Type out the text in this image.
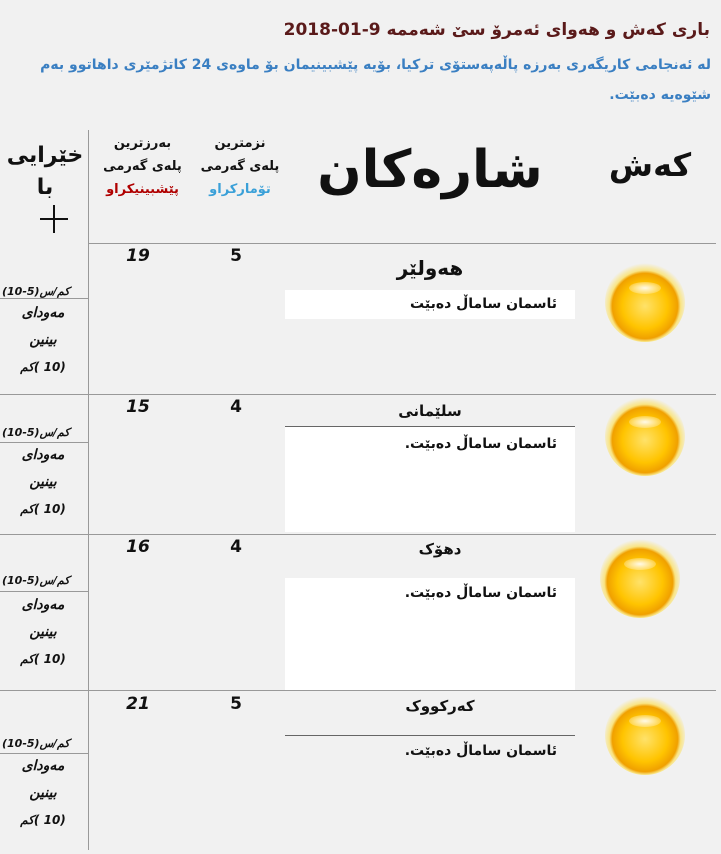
باری کەش و هەوای ئەمرۆ سێ شەممە 9-01-2018
لە ئەنجامی کاریگەری بەرزە پاڵەپەستۆی ترکیا، بۆیە پێشبینیمان بۆ ماوەی 24 کاتژمێری داهاتوو بەم شێوەیە دەبێت.
کەش
شارەکان
نزمترین
پلەی گەرمی
تۆمارکراو
بەرزترین
پلەی گەرمی
پێشبینیکراو
خێرایی
با
هەولێر
ئاسمان ساماڵ دەبێت
5
19
(10-5)کم/س
مەودای
بینین
(10 )کم
سلێمانی
ئاسمان ساماڵ دەبێت.
4
15
(10-5)کم/س
مەودای
بینین
(10 )کم
دهۆک
ئاسمان ساماڵ دەبێت.
4
16
(10-5)کم/س
مەودای
بینین
(10 )کم
کەرکووک
ئاسمان ساماڵ دەبێت.
5
21
(10-5)کم/س
مەودای
بینین
(10 )کم
